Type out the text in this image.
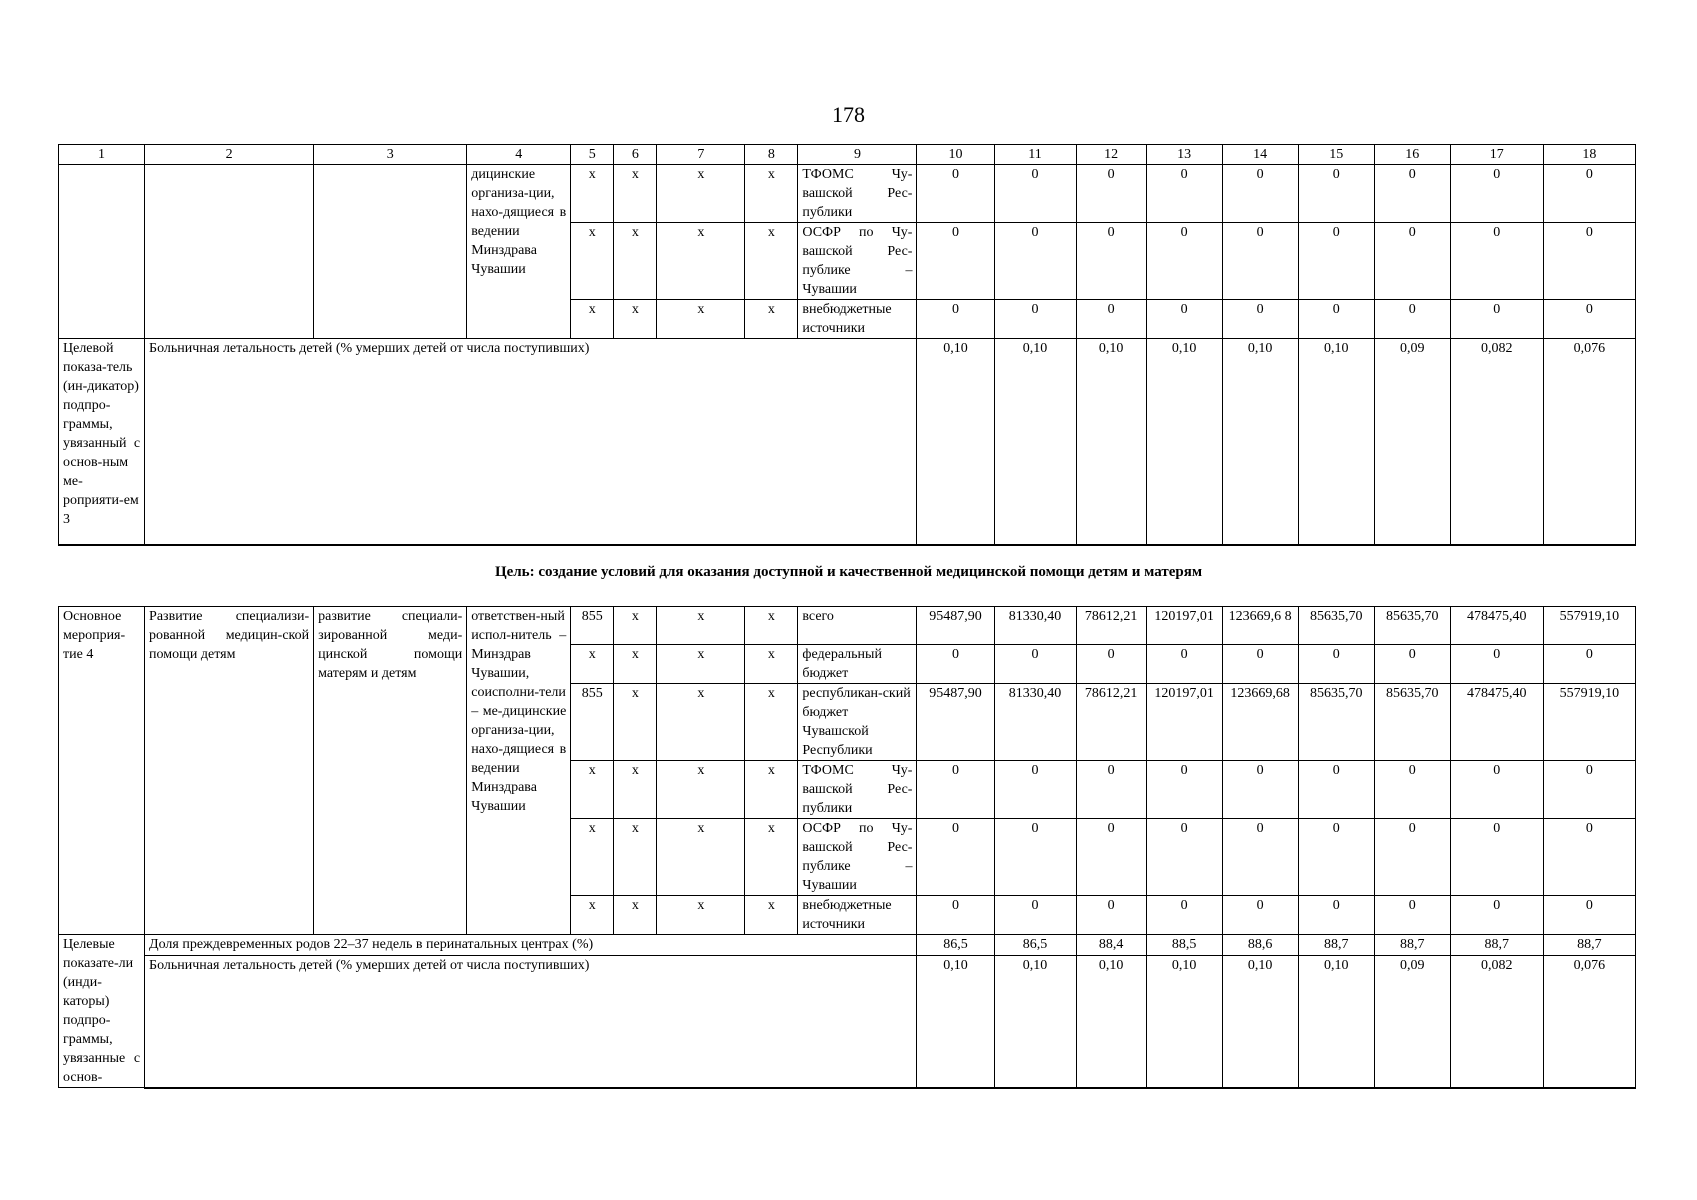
178
1	2	3	4	5	6	7	8	9	10	11	12	13	14	15	16	17	18
			дицинские организа-ции, нахо-дящиеся в ведении Минздрава Чувашии	х	х	х	х	ТФОМС Чу-вашской Рес-публики	0	0	0	0	0	0	0	0	0
				х	х	х	х	ОСФР по Чу-вашской Рес-публике – Чувашии	0	0	0	0	0	0	0	0	0
				х	х	х	х	внебюджетные источники	0	0	0	0	0	0	0	0	0
Целевой показа-тель (ин-дикатор) подпро-граммы, увязанный с основ-ным ме-роприяти-ем 3	Больничная летальность детей (% умерших детей от числа поступивших)								0,10	0,10	0,10	0,10	0,10	0,10	0,09	0,082	0,076
Цель: создание условий для оказания доступной и качественной медицинской помощи детям и матерям
Основное мероприя-тие 4	Развитие специализи-рованной медицин-ской помощи детям	развитие специали-зированной меди-цинской помощи матерям и детям	ответствен-ный испол-нитель – Минздрав Чувашии, соисполни-тели – ме-дицинские организа-ции, нахо-дящиеся в ведении Минздрава Чувашии	855	х	х	х	всего	95487,90	81330,40	78612,21	120197,01	123669,6 8	85635,70	85635,70	478475,40	557919,10
				х	х	х	х	федеральный бюджет	0	0	0	0	0	0	0	0	0
				855	х	х	х	республикан-ский бюджет Чувашской Республики	95487,90	81330,40	78612,21	120197,01	123669,68	85635,70	85635,70	478475,40	557919,10
				х	х	х	х	ТФОМС Чу-вашской Рес-публики	0	0	0	0	0	0	0	0	0
				х	х	х	х	ОСФР по Чу-вашской Рес-публике – Чувашии	0	0	0	0	0	0	0	0	0
				х	х	х	х	внебюджетные источники	0	0	0	0	0	0	0	0	0
Целевые показате-ли (инди-каторы) подпро-граммы, увязанные с основ-	Доля преждевременных родов 22–37 недель в перинатальных центрах (%)								86,5	86,5	88,4	88,5	88,6	88,7	88,7	88,7	88,7
	Больничная летальность детей (% умерших детей от числа поступивших)								0,10	0,10	0,10	0,10	0,10	0,10	0,09	0,082	0,076
